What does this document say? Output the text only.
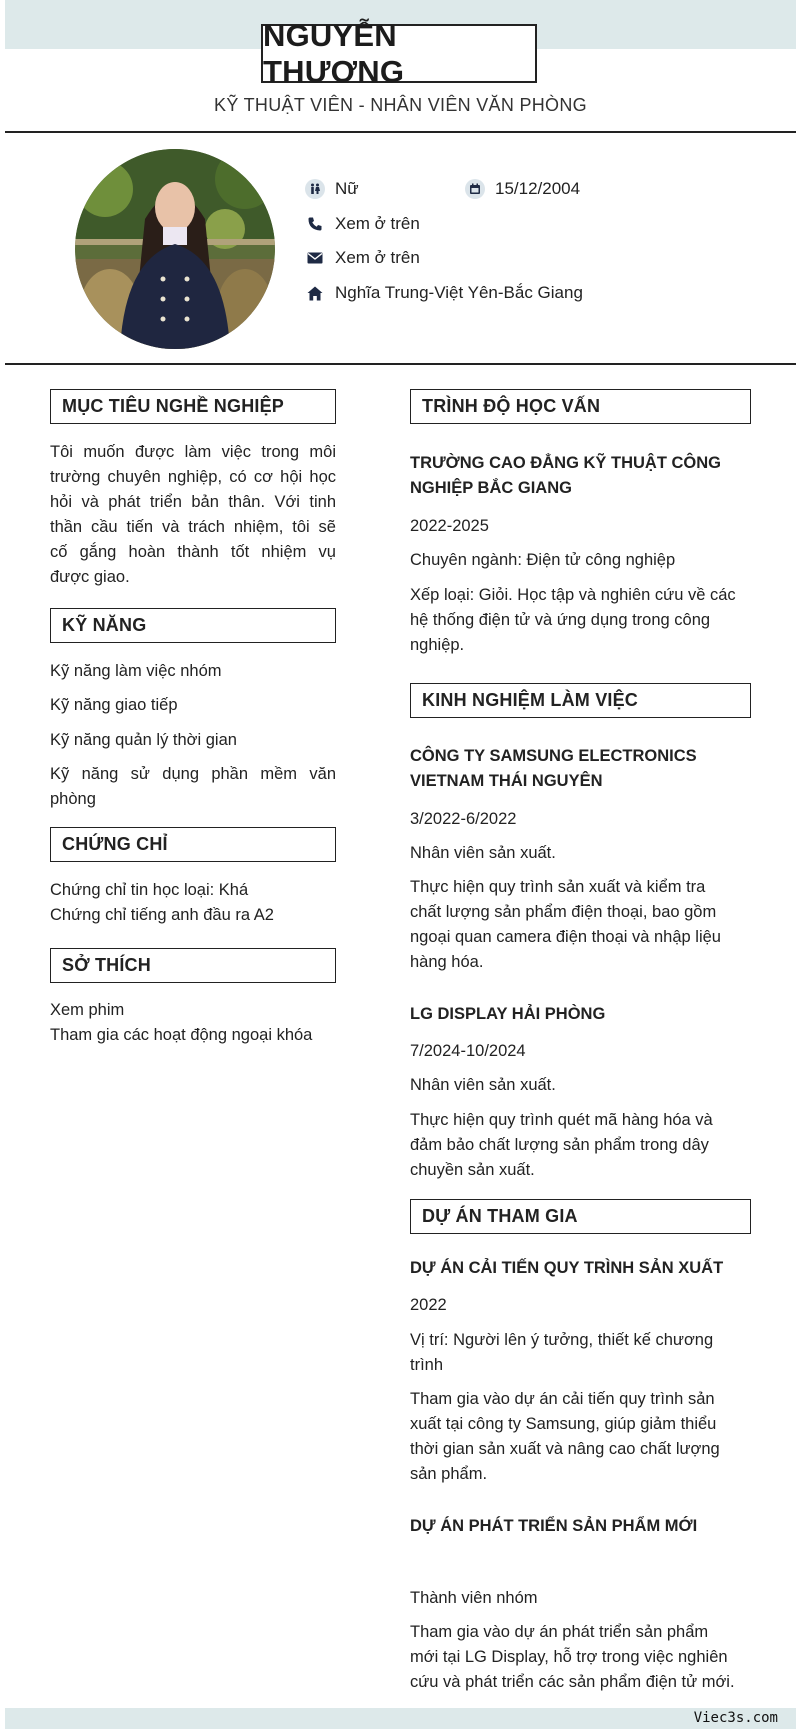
NGUYỄN THƯƠNG
KỸ THUẬT VIÊN - NHÂN VIÊN VĂN PHÒNG
Nữ	15/12/2004
Xem ở trên
Xem ở trên
Nghĩa Trung-Việt Yên-Bắc Giang
MỤC TIÊU NGHỀ NGHIỆP
Tôi muốn được làm việc trong môi
trường chuyên nghiệp, có cơ hội học
hỏi và phát triển bản thân. Với tinh
thần cầu tiến và trách nhiệm, tôi sẽ
cố gắng hoàn thành tốt nhiệm vụ
được giao.
KỸ NĂNG
Kỹ năng làm việc nhóm
Kỹ năng giao tiếp
Kỹ năng quản lý thời gian
Kỹ năng sử dụng phần mềm văn
phòng
CHỨNG CHỈ
Chứng chỉ tin học loại: Khá
Chứng chỉ tiếng anh đầu ra A2
SỞ THÍCH
Xem phim
Tham gia các hoạt động ngoại khóa
TRÌNH ĐỘ HỌC VẤN
TRƯỜNG CAO ĐẲNG KỸ THUẬT CÔNG
NGHIỆP BẮC GIANG
2022-2025
Chuyên ngành: Điện tử công nghiệp
Xếp loại: Giỏi. Học tập và nghiên cứu về các
hệ thống điện tử và ứng dụng trong công
nghiệp.
KINH NGHIỆM LÀM VIỆC
CÔNG TY SAMSUNG ELECTRONICS
VIETNAM THÁI NGUYÊN
3/2022-6/2022
Nhân viên sản xuất.
Thực hiện quy trình sản xuất và kiểm tra
chất lượng sản phẩm điện thoại, bao gồm
ngoại quan camera điện thoại và nhập liệu
hàng hóa.
LG DISPLAY HẢI PHÒNG
7/2024-10/2024
Nhân viên sản xuất.
Thực hiện quy trình quét mã hàng hóa và
đảm bảo chất lượng sản phẩm trong dây
chuyền sản xuất.
DỰ ÁN THAM GIA
DỰ ÁN CẢI TIẾN QUY TRÌNH SẢN XUẤT
2022
Vị trí: Người lên ý tưởng, thiết kế chương
trình
Tham gia vào dự án cải tiến quy trình sản
xuất tại công ty Samsung, giúp giảm thiểu
thời gian sản xuất và nâng cao chất lượng
sản phẩm.
DỰ ÁN PHÁT TRIỂN SẢN PHẨM MỚI
Thành viên nhóm
Tham gia vào dự án phát triển sản phẩm
mới tại LG Display, hỗ trợ trong việc nghiên
cứu và phát triển các sản phẩm điện tử mới.
Viec3s.com
